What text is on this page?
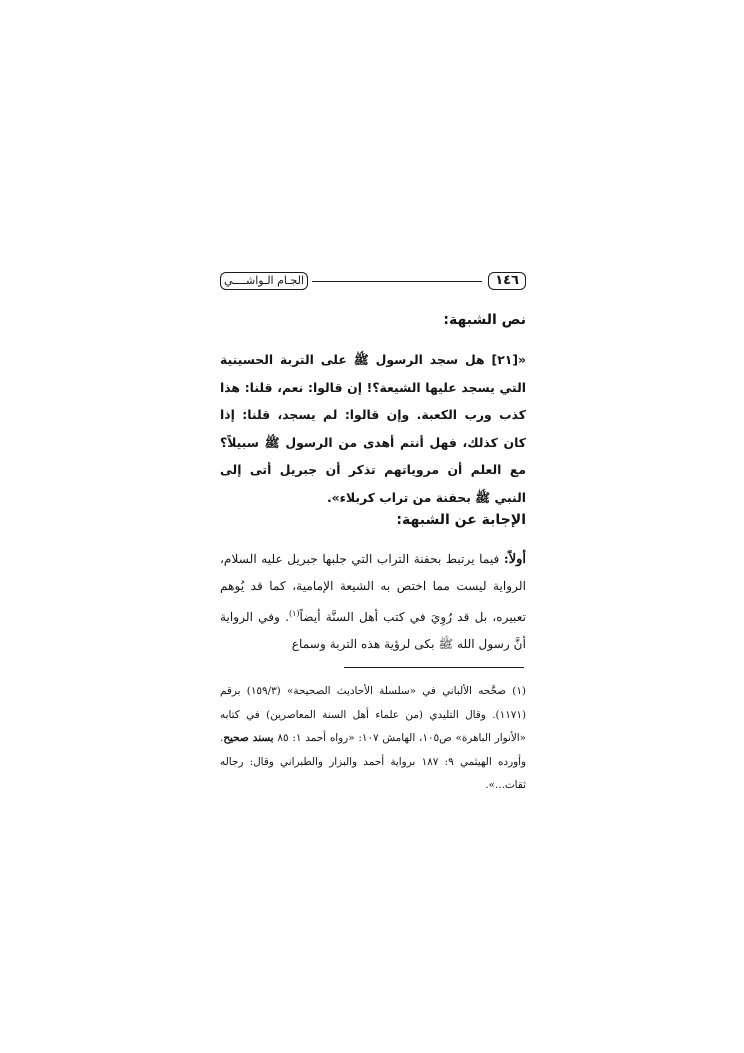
١٤٦
الجـام الـواشــــي
نص الشبهة:
«[٢١] هل سجد الرسول ﷺ على التربة الحسينية التي يسجد عليها الشيعة؟! إن قالوا: نعم، قلنا: هذا كذب ورب الكعبة. وإن قالوا: لم يسجد، قلنا: إذا كان كذلك، فهل أنتم أهدى من الرسول ﷺ سبيلاً؟ مع العلم أن مروياتهم تذكر أن جبريل أتى إلى النبي ﷺ بحفنة من تراب كربلاء».
الإجابة عن الشبهة:
أولاً: فيما يرتبط بحفنة التراب التي جلبها جبريل عليه السلام، الرواية ليست مما اختص به الشيعة الإمامية، كما قد يُوهم تعبيره، بل قد رُوِيَ في كتب أهل السنَّة أيضاً$^{(١)}$. وفي الرواية أنَّ رسول الله ﷺ بكى لرؤية هذه التربة وسماع
(١) صحَّحه الألباني في «سلسلة الأحاديث الصحيحة» (١٥٩/٣) برقم (١١٧١). وقال التليدي (من علماء أهل السنة المعاصرين) في كتابه «الأنوار الباهرة» ص١٠٥، الهامش ١٠٧: «رواه أحمد ١: ٨٥ بسند صحيح. وأورده الهيثمي ٩: ١٨٧ برواية أحمد والبزار والطبراني وقال: رجاله ثقات...».
